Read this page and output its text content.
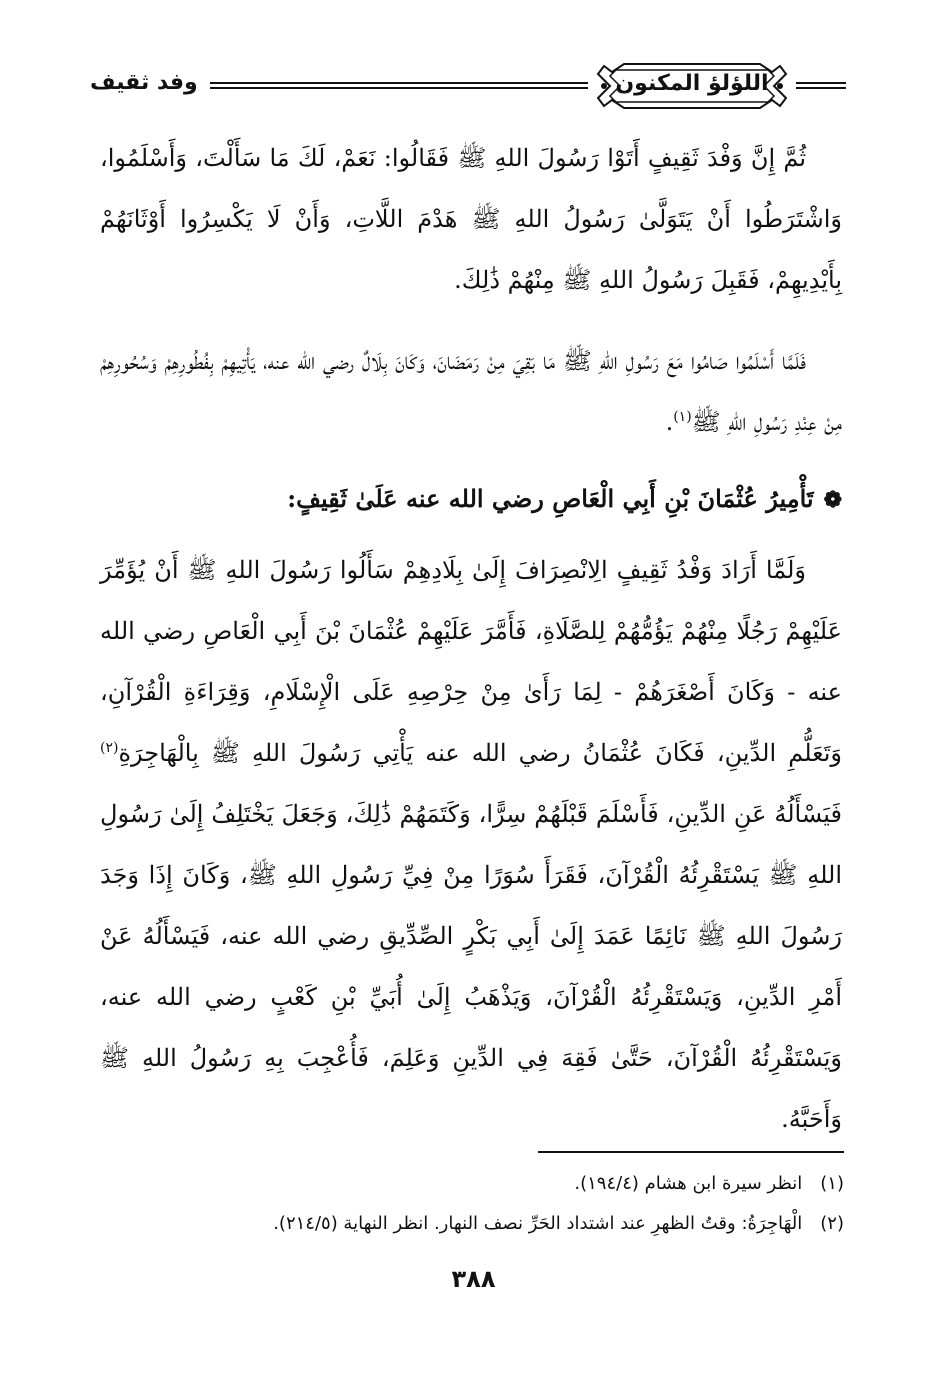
وفد ثقيف	اللؤلؤ المكنون

ثُمَّ إِنَّ وَفْدَ ثَقِيفٍ أَتَوْا رَسُولَ اللهِ ﷺ فَقَالُوا: نَعَمْ، لَكَ مَا سَأَلْتَ، وَأَسْلَمُوا، وَاشْتَرَطُوا أَنْ يَتَوَلَّىٰ رَسُولُ اللهِ ﷺ هَدْمَ اللَّاتِ، وَأَنْ لَا يَكْسِرُوا أَوْثَانَهُمْ بِأَيْدِيهِمْ، فَقَبِلَ رَسُولُ اللهِ ﷺ مِنْهُمْ ذَٰلِكَ.

فَلَمَّا أَسْلَمُوا صَامُوا مَعَ رَسُولِ اللهِ ﷺ مَا بَقِيَ مِنْ رَمَضَانَ، وَكَانَ بِلَالٌ رضي الله عنه، يَأْتِيهِمْ بِفُطُورِهِمْ وَسُحُورِهِمْ مِنْ عِنْدِ رَسُولِ اللهِ ﷺ$^{(١)}$.

❁تَأْمِيرُ عُثْمَانَ بْنِ أَبِي الْعَاصِ رضي الله عنه عَلَىٰ ثَقِيفٍ:

وَلَمَّا أَرَادَ وَفْدُ ثَقِيفٍ الِانْصِرَافَ إِلَىٰ بِلَادِهِمْ سَأَلُوا رَسُولَ اللهِ ﷺ أَنْ يُؤَمِّرَ عَلَيْهِمْ رَجُلًا مِنْهُمْ يَؤُمُّهُمْ لِلصَّلَاةِ، فَأَمَّرَ عَلَيْهِمْ عُثْمَانَ بْنَ أَبِي الْعَاصِ رضي الله عنه - وَكَانَ أَصْغَرَهُمْ - لِمَا رَأَىٰ مِنْ حِرْصِهِ عَلَى الْإِسْلَامِ، وَقِرَاءَةِ الْقُرْآنِ، وَتَعَلُّمِ الدِّينِ، فَكَانَ عُثْمَانُ رضي الله عنه يَأْتِي رَسُولَ اللهِ ﷺ بِالْهَاجِرَةِ$^{(٢)}$ فَيَسْأَلُهُ عَنِ الدِّينِ، فَأَسْلَمَ قَبْلَهُمْ سِرًّا، وَكَتَمَهُمْ ذَٰلِكَ، وَجَعَلَ يَخْتَلِفُ إِلَىٰ رَسُولِ اللهِ ﷺ يَسْتَقْرِئُهُ الْقُرْآنَ، فَقَرَأَ سُوَرًا مِنْ فِيِّ رَسُولِ اللهِ ﷺ، وَكَانَ إِذَا وَجَدَ رَسُولَ اللهِ ﷺ نَائِمًا عَمَدَ إِلَىٰ أَبِي بَكْرٍ الصِّدِّيقِ رضي الله عنه، فَيَسْأَلُهُ عَنْ أَمْرِ الدِّينِ، وَيَسْتَقْرِئُهُ الْقُرْآنَ، وَيَذْهَبُ إِلَىٰ أُبَيِّ بْنِ كَعْبٍ رضي الله عنه، وَيَسْتَقْرِئُهُ الْقُرْآنَ، حَتَّىٰ فَقِهَ فِي الدِّينِ وَعَلِمَ، فَأُعْجِبَ بِهِ رَسُولُ اللهِ ﷺ وَأَحَبَّهُ.

(١)انظر سيرة ابن هشام (١٩٤/٤).

(٢)الْهَاجِرَةُ: وقتُ الظهرِ عند اشتداد الحَرِّ نصف النهار. انظر النهاية (٢١٤/٥).

٣٨٨
